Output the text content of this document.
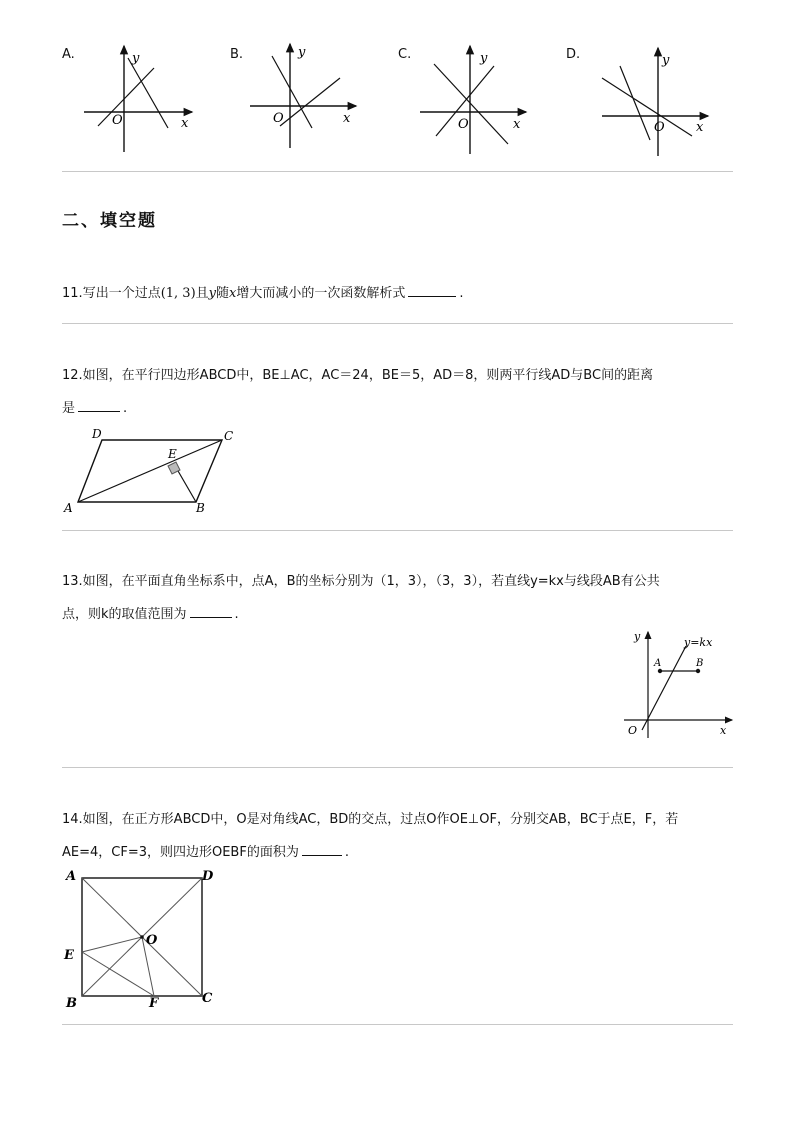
A.	y
x
O
B.	y
x
O
C.	y
x
O
D.	y
x
O
二、填空题
11.写出一个过点(1, 3)且y随x增大而减小的一次函数解析式	.
12.如图，在平行四边形ABCD中，BE⊥AC，AC＝24，BE＝5，AD＝8，则两平行线AD与BC间的距离
是	.
A	B
C
D
E
13.如图，在平面直角坐标系中，点A，B的坐标分别为（1，3），（3，3），若直线y=kx与线段AB有公共
点，则k的取值范围为	.
y	y=kx
A	B
O	x
14.如图，在正方形ABCD中，O是对角线AC，BD的交点，过点O作OE⊥OF，分别交AB，BC于点E，F，若
AE=4，CF=3，则四边形OEBF的面积为	.
A	D
O
E
B	F	C
